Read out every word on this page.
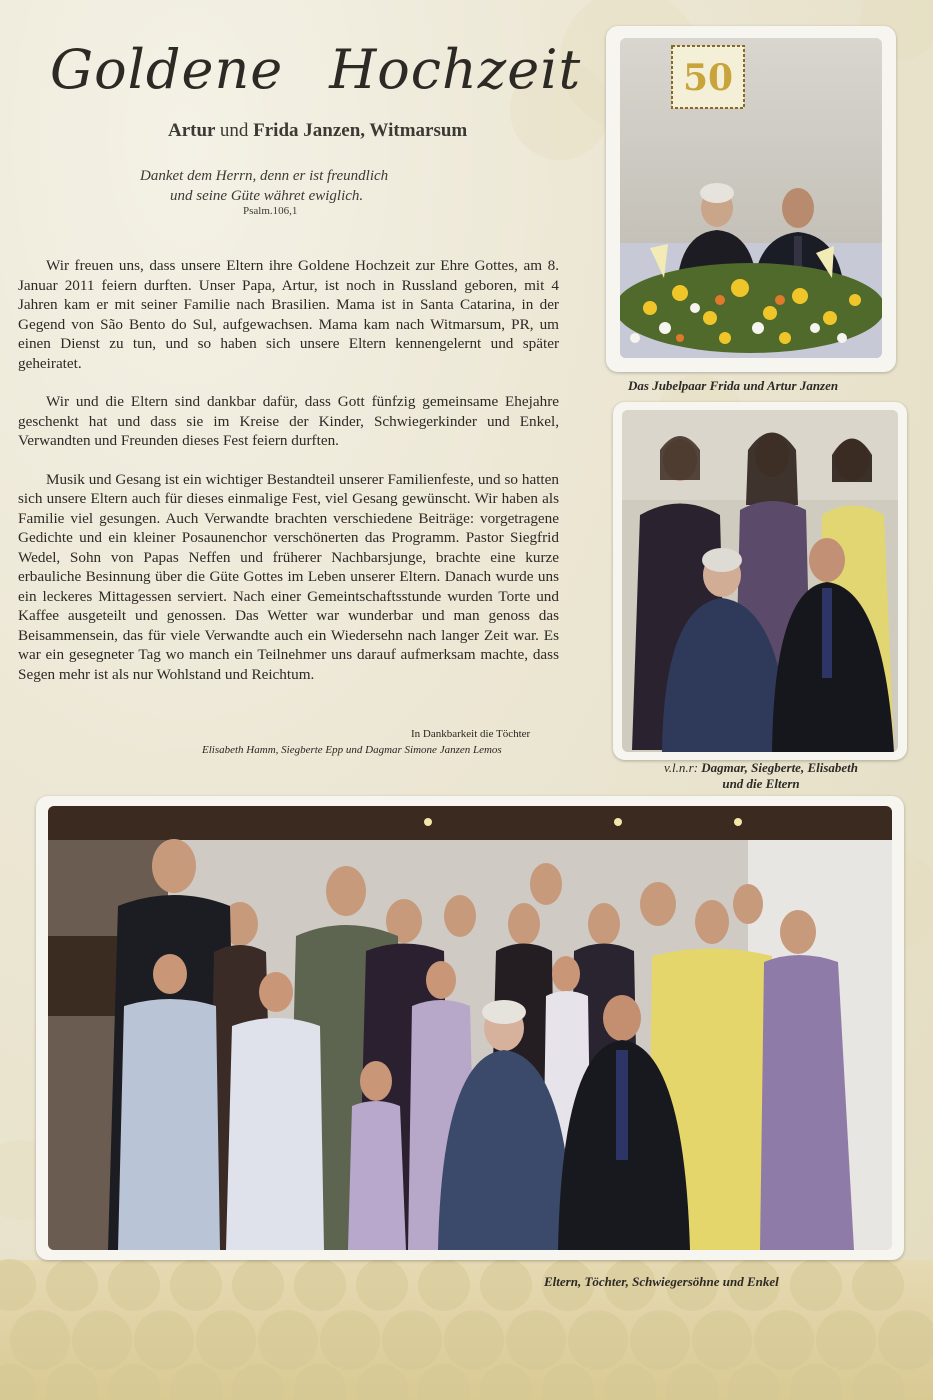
Goldene Hochzeit
Artur und Frida Janzen, Witmarsum
Danket dem Herrn, denn er ist freundlich
und seine Güte währet ewiglich.
Psalm.106,1

Wir freuen uns, dass unsere Eltern ihre Goldene Hochzeit zur Ehre Gottes, am 8. Januar 2011 feiern durften. Unser Papa, Artur, ist noch in Russland geboren, mit 4 Jahren kam er mit seiner Familie nach Brasilien. Mama ist in Santa Catarina, in der Gegend von São Bento do Sul, aufgewachsen. Mama kam nach Witmarsum, PR, um einen Dienst zu tun, und so haben sich unsere Eltern kennengelernt und später geheiratet.

Wir und die Eltern sind dankbar dafür, dass Gott fünfzig gemeinsame Ehejahre geschenkt hat und dass sie im Kreise der Kinder, Schwiegerkinder und Enkel, Verwandten und Freunden dieses Fest feiern durften.

Musik und Gesang ist ein wichtiger Bestandteil unserer Familienfeste, und so hatten sich unsere Eltern auch für dieses einmalige Fest, viel Gesang gewünscht. Wir haben als Familie viel gesungen. Auch Verwandte brachten verschiedene Beiträge: vorgetragene Gedichte und ein kleiner Posaunenchor verschönerten das Programm. Pastor Siegfrid Wedel, Sohn von Papas Neffen und früherer Nachbarsjunge, brachte eine kurze erbauliche Besinnung über die Güte Gottes im Leben unserer Eltern. Danach wurde uns ein leckeres Mittagessen serviert. Nach einer Gemeintschaftsstunde wurden Torte und Kaffee ausgeteilt und genossen. Das Wetter war wunderbar und man genoss das Beisammensein, das für viele Verwandte auch ein Wiedersehn nach langer Zeit war. Es war ein gesegneter Tag wo manch ein Teilnehmer uns darauf aufmerksam machte, dass Segen mehr ist als nur Wohlstand und Reichtum.

In Dankbarkeit die Töchter
Elisabeth Hamm, Siegberte Epp und Dagmar Simone Janzen Lemos
50
Das Jubelpaar Frida und Artur Janzen
v.l.n.r: Dagmar, Siegberte, Elisabeth
und die Eltern
Eltern, Töchter, Schwiegersöhne und Enkel
